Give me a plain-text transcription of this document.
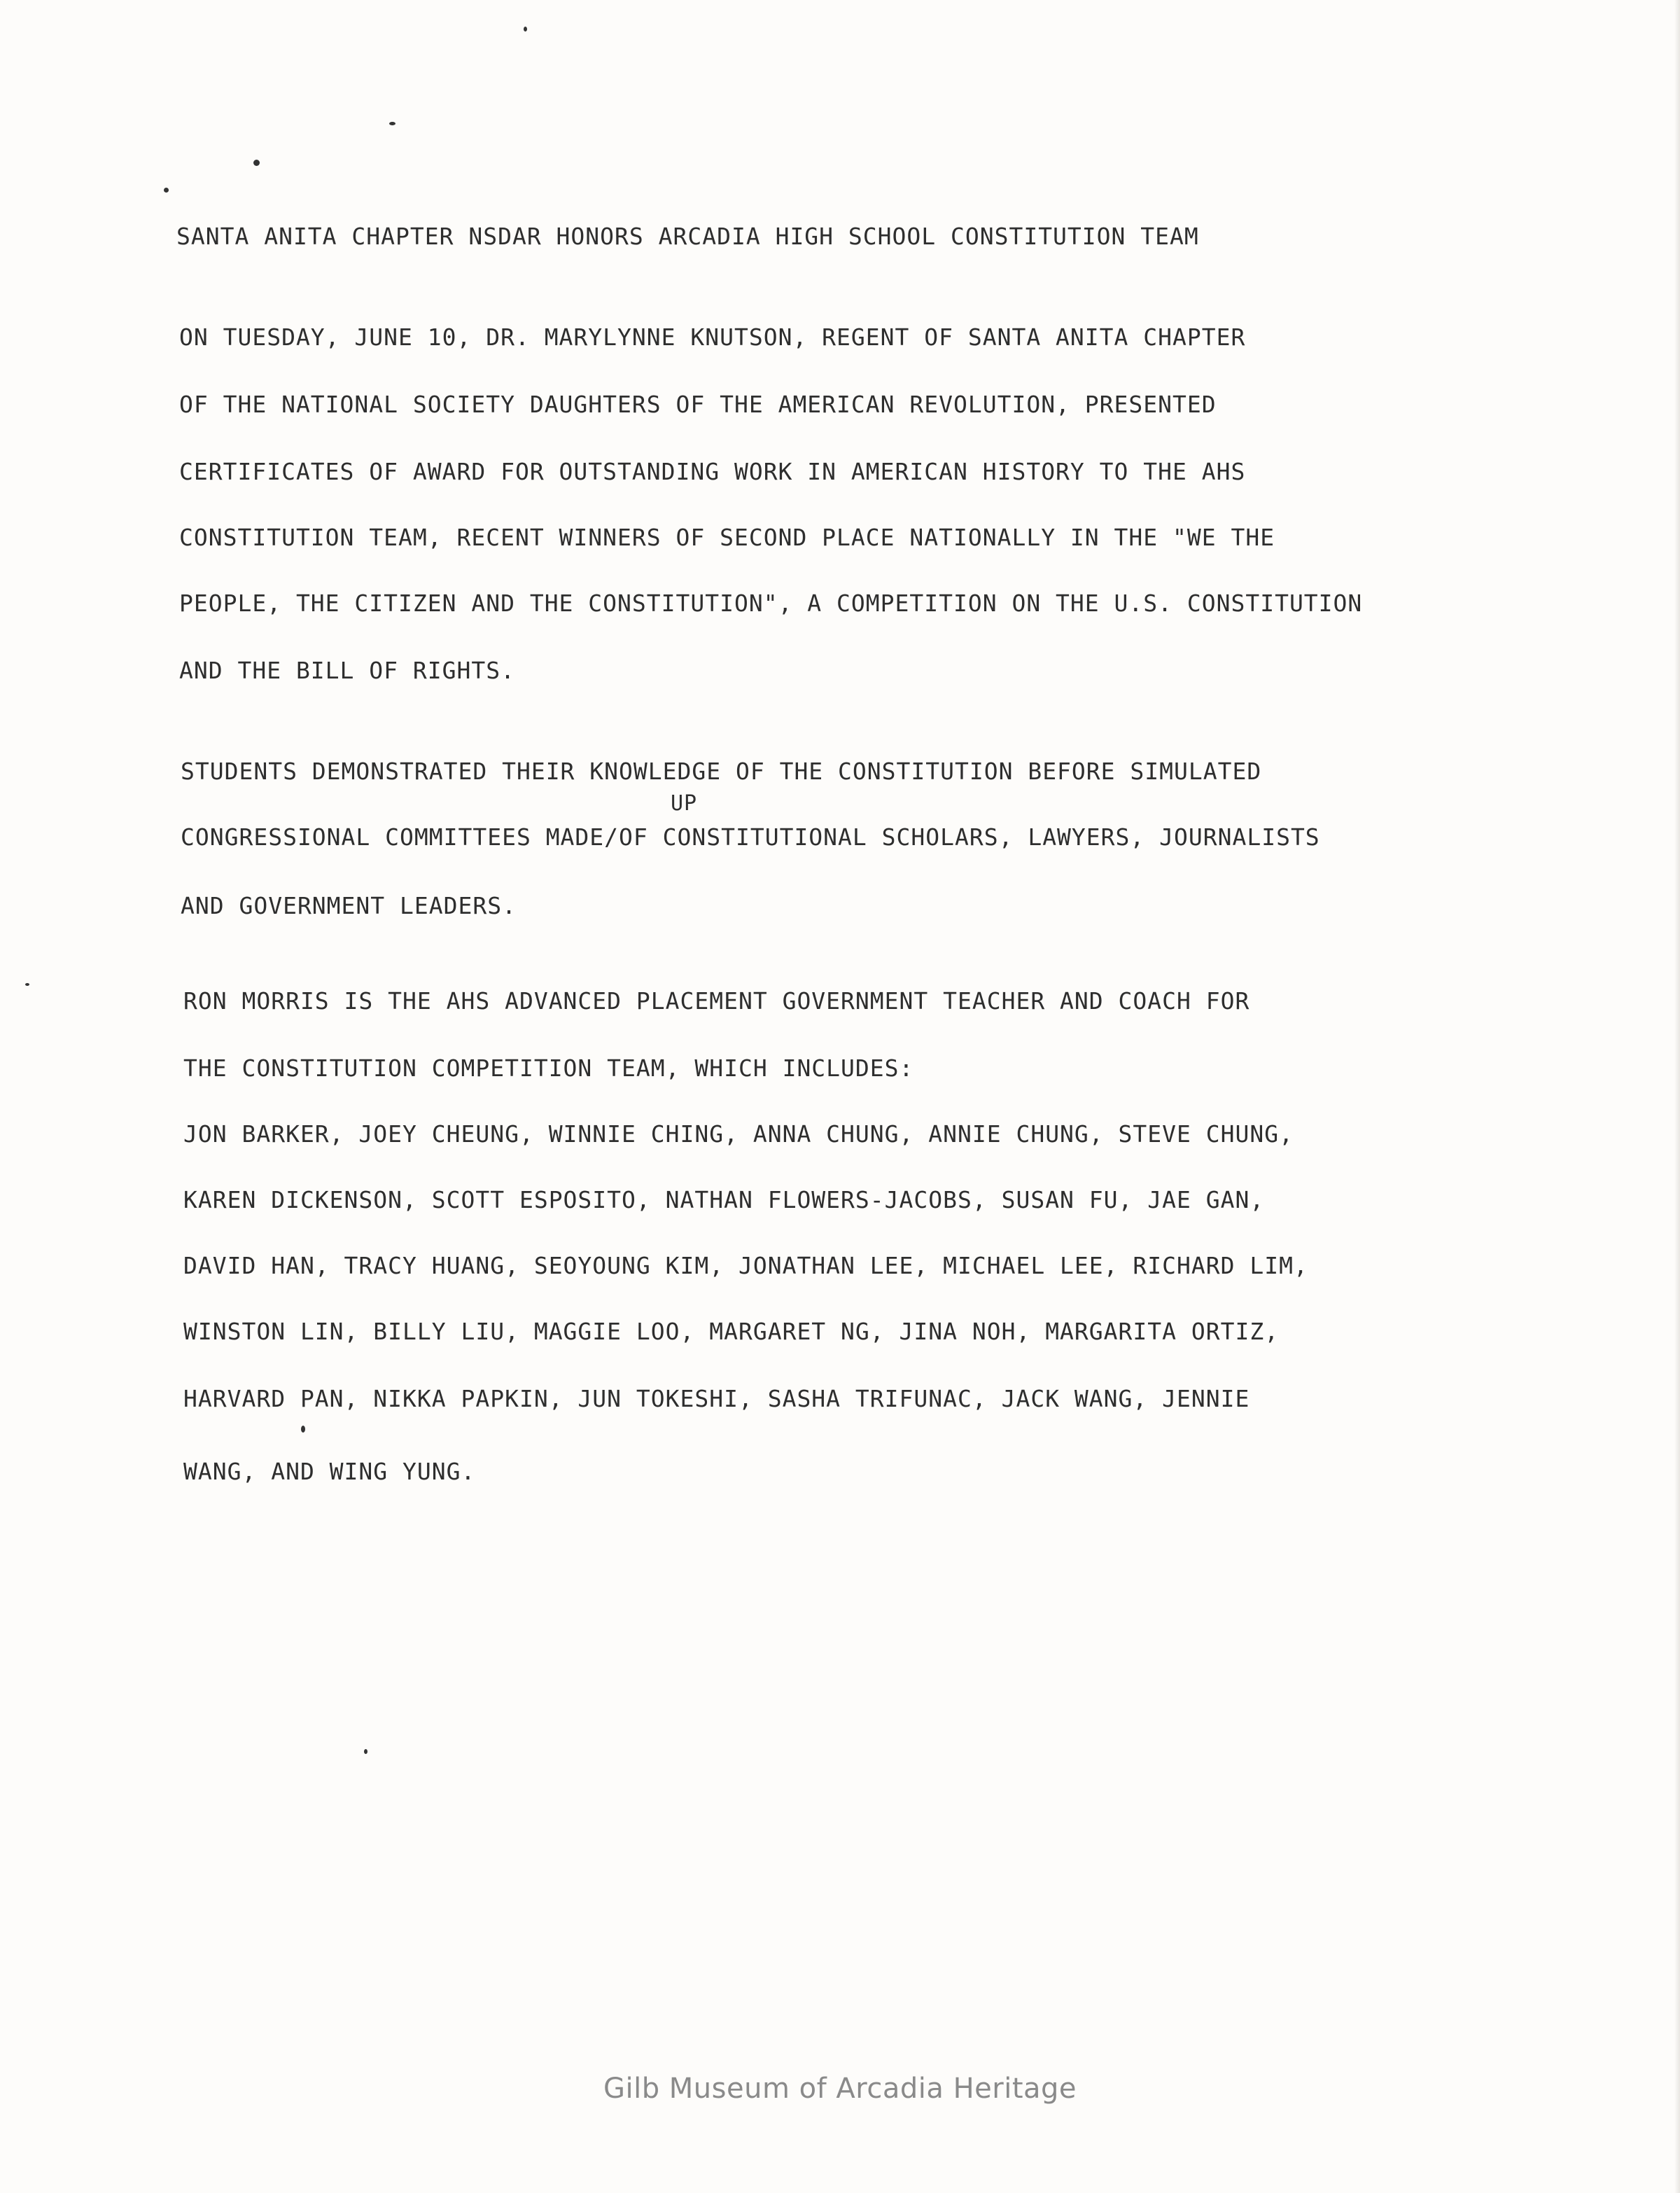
SANTA ANITA CHAPTER NSDAR HONORS ARCADIA HIGH SCHOOL CONSTITUTION TEAM
ON TUESDAY, JUNE 10, DR. MARYLYNNE KNUTSON, REGENT OF SANTA ANITA CHAPTER
OF THE NATIONAL SOCIETY DAUGHTERS OF THE AMERICAN REVOLUTION, PRESENTED
CERTIFICATES OF AWARD FOR OUTSTANDING WORK IN AMERICAN HISTORY TO THE AHS
CONSTITUTION TEAM, RECENT WINNERS OF SECOND PLACE NATIONALLY IN THE "WE THE
PEOPLE, THE CITIZEN AND THE CONSTITUTION", A COMPETITION ON THE U.S. CONSTITUTION
AND THE BILL OF RIGHTS.
STUDENTS DEMONSTRATED THEIR KNOWLEDGE OF THE CONSTITUTION BEFORE SIMULATED
UP
CONGRESSIONAL COMMITTEES MADE/OF CONSTITUTIONAL SCHOLARS, LAWYERS, JOURNALISTS
AND GOVERNMENT LEADERS.
RON MORRIS IS THE AHS ADVANCED PLACEMENT GOVERNMENT TEACHER AND COACH FOR
THE CONSTITUTION COMPETITION TEAM, WHICH INCLUDES:
JON BARKER, JOEY CHEUNG, WINNIE CHING, ANNA CHUNG, ANNIE CHUNG, STEVE CHUNG,
KAREN DICKENSON, SCOTT ESPOSITO, NATHAN FLOWERS-JACOBS, SUSAN FU, JAE GAN,
DAVID HAN, TRACY HUANG, SEOYOUNG KIM, JONATHAN LEE, MICHAEL LEE, RICHARD LIM,
WINSTON LIN, BILLY LIU, MAGGIE LOO, MARGARET NG, JINA NOH, MARGARITA ORTIZ,
HARVARD PAN, NIKKA PAPKIN, JUN TOKESHI, SASHA TRIFUNAC, JACK WANG, JENNIE
WANG, AND WING YUNG.
Gilb Museum of Arcadia Heritage
